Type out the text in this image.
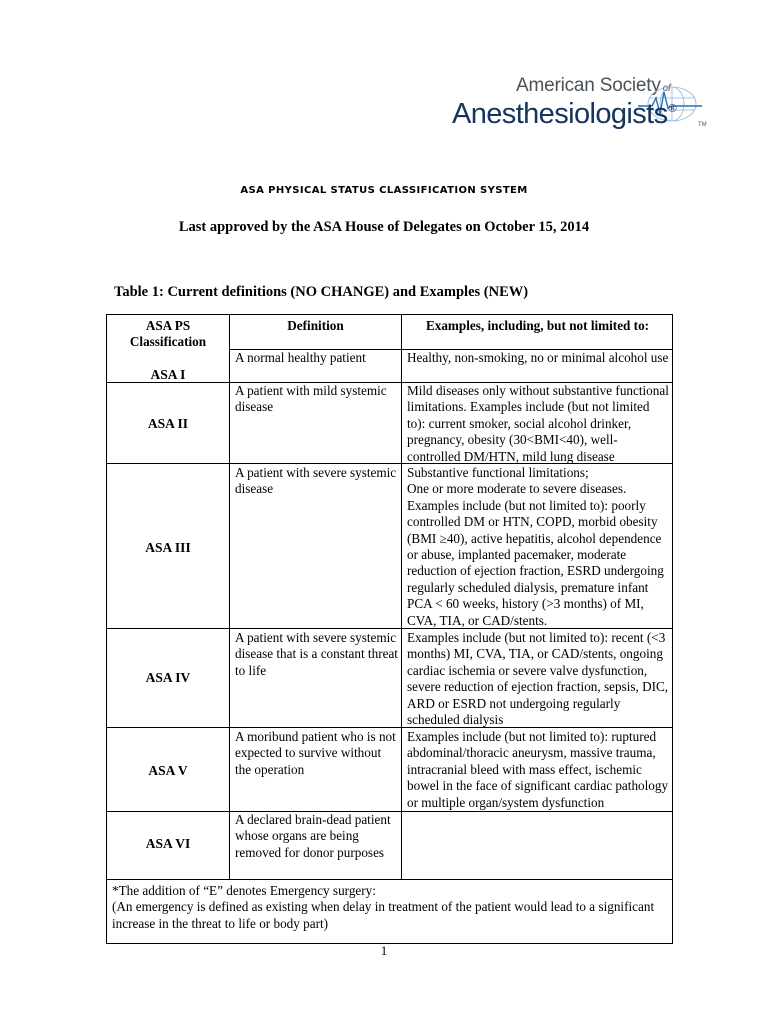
American Society of
Anesthesiologists®
TM
ASA PHYSICAL STATUS CLASSIFICATION SYSTEM
Last approved by the ASA House of Delegates on October 15, 2014
Table 1: Current definitions (NO CHANGE) and Examples (NEW)
ASA PS
Classification
Definition	Examples, including, but not limited to:
ASA I
A normal healthy patient	Healthy, non-smoking, no or minimal alcohol use
ASA II
A patient with mild systemic disease
Mild diseases only without substantive functional limitations. Examples include (but not limited to): current smoker, social alcohol drinker, pregnancy, obesity (30<BMI<40), well-controlled DM/HTN, mild lung disease
ASA III
A patient with severe systemic disease
Substantive functional limitations;
One or more moderate to severe diseases. Examples include (but not limited to): poorly controlled DM or HTN, COPD, morbid obesity (BMI ≥40), active hepatitis, alcohol dependence or abuse, implanted pacemaker, moderate reduction of ejection fraction, ESRD undergoing regularly scheduled dialysis, premature infant PCA < 60 weeks, history (>3 months) of MI, CVA, TIA, or CAD/stents.
ASA IV
A patient with severe systemic disease that is a constant threat to life
Examples include (but not limited to): recent (<3 months) MI, CVA, TIA, or CAD/stents, ongoing cardiac ischemia or severe valve dysfunction, severe reduction of ejection fraction, sepsis, DIC, ARD or ESRD not undergoing regularly scheduled dialysis
ASA V
A moribund patient who is not expected to survive without the operation
Examples include (but not limited to): ruptured abdominal/thoracic aneurysm, massive trauma, intracranial bleed with mass effect, ischemic bowel in the face of significant cardiac pathology or multiple organ/system dysfunction
ASA VI
A declared brain-dead patient whose organs are being removed for donor purposes
*The addition of “E” denotes Emergency surgery:
(An emergency is defined as existing when delay in treatment of the patient would lead to a significant increase in the threat to life or body part)
1
